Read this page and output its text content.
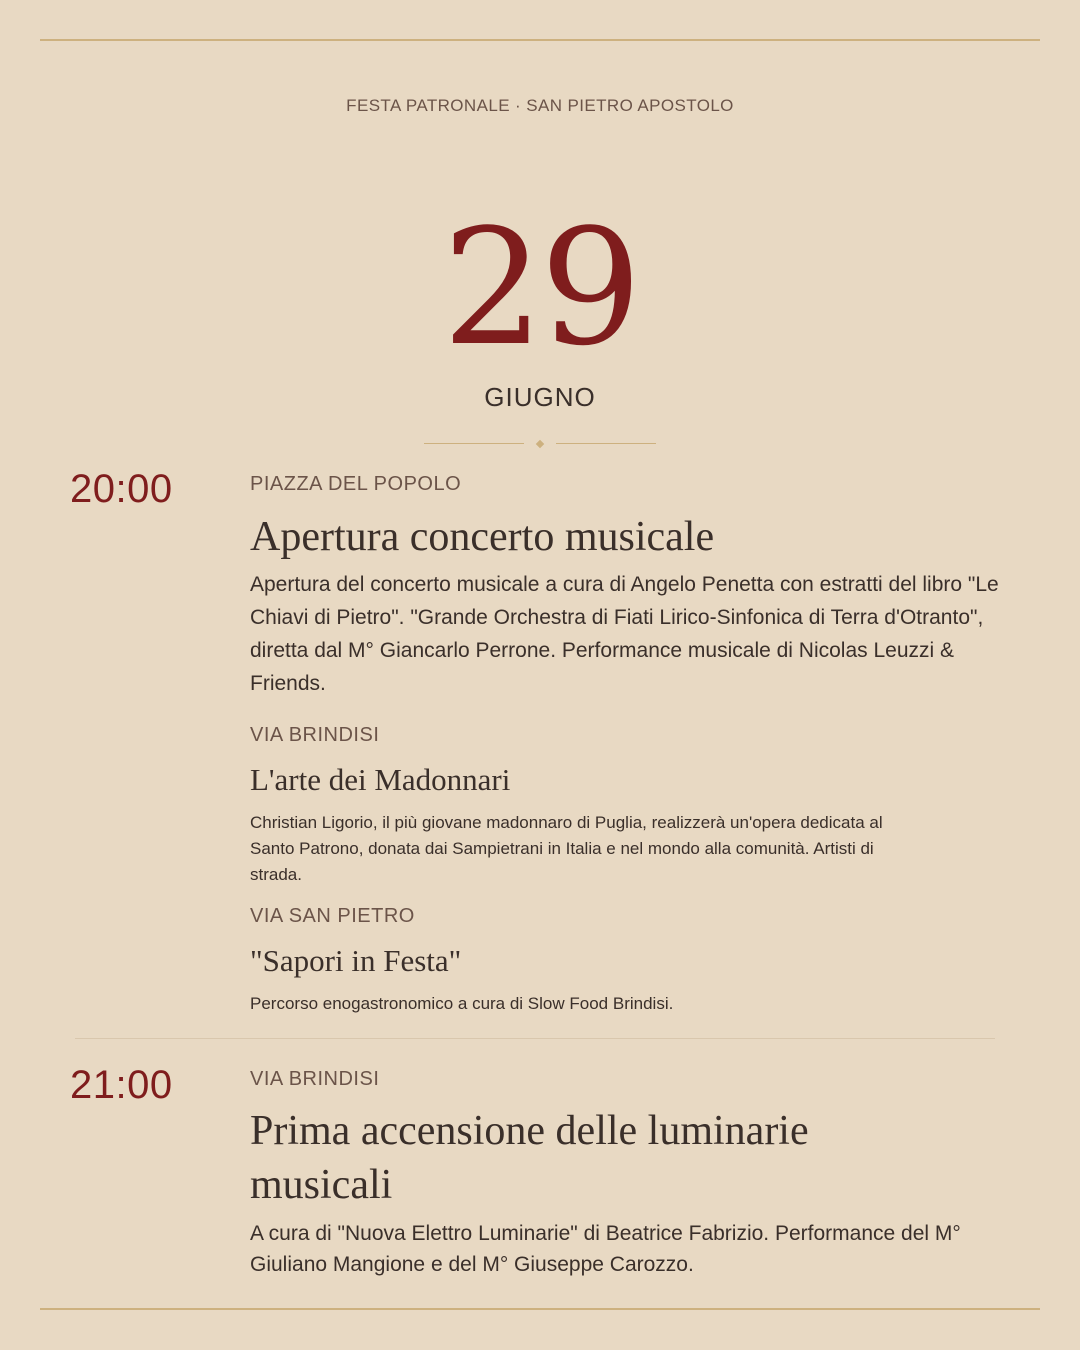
FESTA PATRONALE · SAN PIETRO APOSTOLO
29
GIUGNO
20:00	PIAZZA DEL POPOLO
Apertura concerto musicale
Apertura del concerto musicale a cura di Angelo Penetta con estratti del libro "Le Chiavi di Pietro". "Grande Orchestra di Fiati Lirico-Sinfonica di Terra d'Otranto", diretta dal M° Giancarlo Perrone. Performance musicale di Nicolas Leuzzi & Friends.
VIA BRINDISI
L'arte dei Madonnari
Christian Ligorio, il più giovane madonnaro di Puglia, realizzerà un'opera dedicata al Santo Patrono, donata dai Sampietrani in Italia e nel mondo alla comunità. Artisti di strada.
VIA SAN PIETRO
"Sapori in Festa"
Percorso enogastronomico a cura di Slow Food Brindisi.
21:00	VIA BRINDISI
Prima accensione delle luminarie musicali
A cura di "Nuova Elettro Luminarie" di Beatrice Fabrizio. Performance del M° Giuliano Mangione e del M° Giuseppe Carozzo.
